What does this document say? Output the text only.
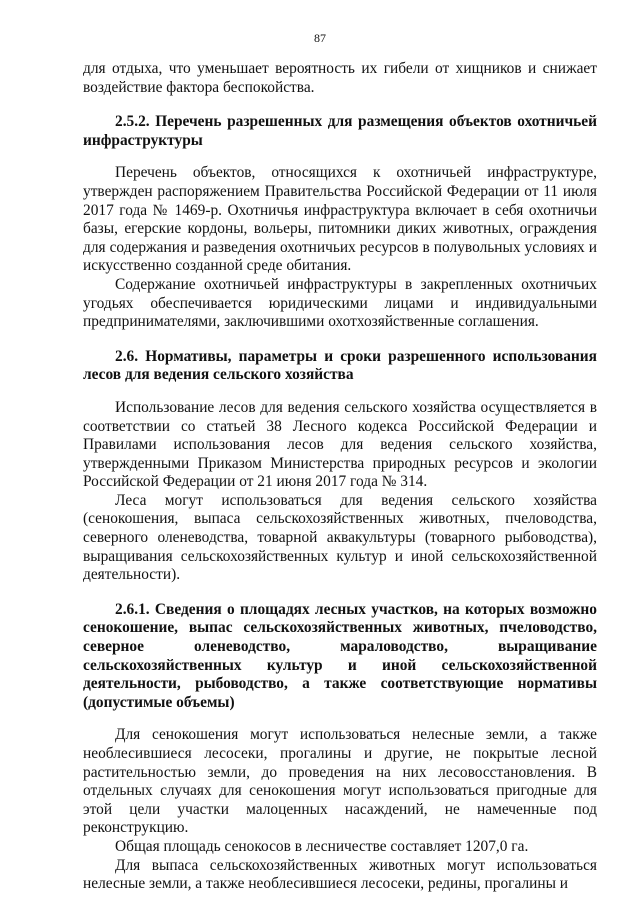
87

для отдыха, что уменьшает вероятность их гибели от хищников и снижает воздействие фактора беспокойства.

2.5.2. Перечень разрешенных для размещения объектов охотничьей инфраструктуры

Перечень объектов, относящихся к охотничьей инфраструктуре, утвержден распоряжением Правительства Российской Федерации от 11 июля 2017 года № 1469-р. Охотничья инфраструктура включает в себя охотничьи базы, егерские кордоны, вольеры, питомники диких животных, ограждения для содержания и разведения охотничьих ресурсов в полувольных условиях и искусственно созданной среде обитания.

Содержание охотничьей инфраструктуры в закрепленных охотничьих угодьях обеспечивается юридическими лицами и индивидуальными предпринимателями, заключившими охотхозяйственные соглашения.

2.6. Нормативы, параметры и сроки разрешенного использования лесов для ведения сельского хозяйства

Использование лесов для ведения сельского хозяйства осуществляется в соответствии со статьей 38 Лесного кодекса Российской Федерации и Правилами использования лесов для ведения сельского хозяйства, утвержденными Приказом Министерства природных ресурсов и экологии Российской Федерации от 21 июня 2017 года № 314.

Леса могут использоваться для ведения сельского хозяйства (сенокошения, выпаса сельскохозяйственных животных, пчеловодства, северного оленеводства, товарной аквакультуры (товарного рыбоводства), выращивания сельскохозяйственных культур и иной сельскохозяйственной деятельности).

2.6.1. Сведения о площадях лесных участков, на которых возможно сенокошение, выпас сельскохозяйственных животных, пчеловодство, северное оленеводство, мараловодство, выращивание сельскохозяйственных культур и иной сельскохозяйственной деятельности, рыбоводство, а также соответствующие нормативы (допустимые объемы)

Для сенокошения могут использоваться нелесные земли, а также необлесившиеся лесосеки, прогалины и другие, не покрытые лесной растительностью земли, до проведения на них лесовосстановления. В отдельных случаях для сенокошения могут использоваться пригодные для этой цели участки малоценных насаждений, не намеченные под реконструкцию.

Общая площадь сенокосов в лесничестве составляет 1207,0 га.

Для выпаса сельскохозяйственных животных могут использоваться нелесные земли, а также необлесившиеся лесосеки, редины, прогалины и
